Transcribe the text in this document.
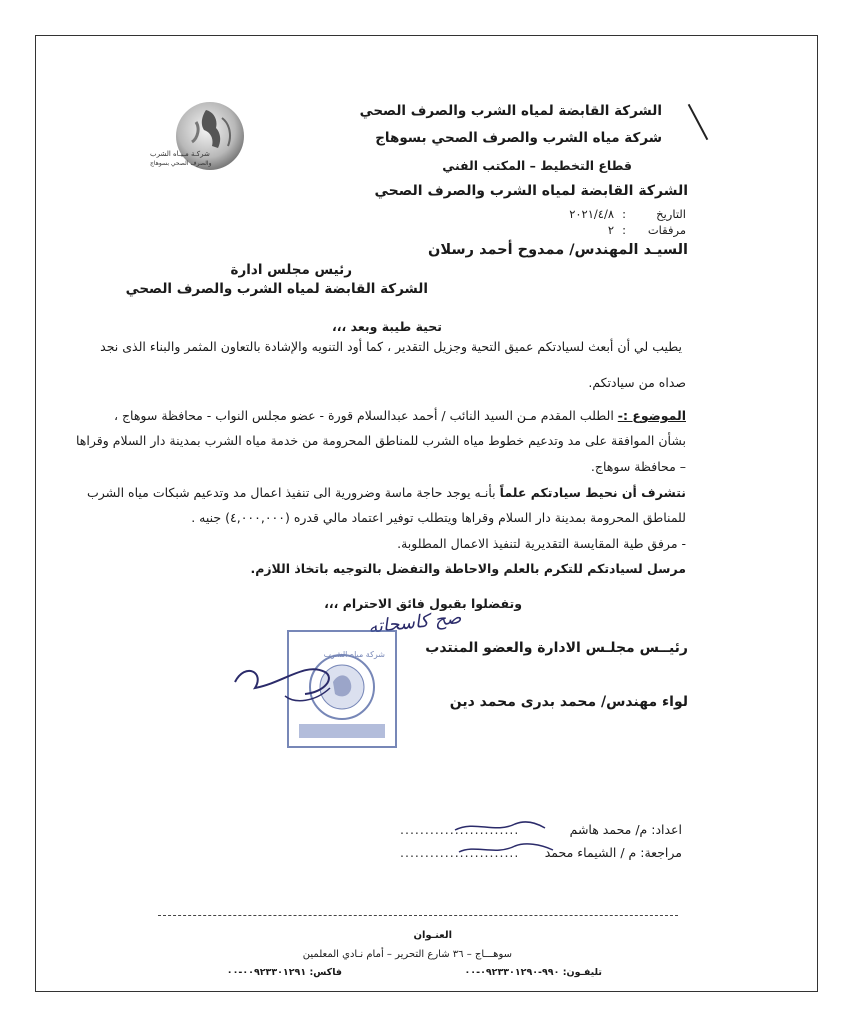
شركـة مـيـاه الشرب
والصرف الصحي بسوهاج
الشركة القابضة لمياه الشرب والصرف الصحي
شركة مياه الشرب والصرف الصحي بسوهاج
قطاع التخطيط – المكتب الفني
الشركة القابضة لمياه الشرب والصرف الصحي
التاريخ
:
٢٠٢١/٤/٨
مرفقات
:
٢
السيـد المهندس/ ممدوح أحمد رسلان
رئيس مجلس ادارة
الشركة القابضة لمياه الشرب والصرف الصحي
تحية طيبة وبعد ،،،
يطيب لي أن أبعث لسيادتكم عميق التحية وجزيل التقدير ، كما أود التنويه والإشادة بالتعاون المثمر والبناء الذى نجد
صداه من سيادتكم.
الموضوع :- الطلب المقدم مـن السيد النائب / أحمد عبدالسلام قورة - عضو مجلس النواب - محافظة سوهاج ،
بشأن الموافقة على مد وتدعيم خطوط مياه الشرب للمناطق المحرومة من خدمة مياه الشرب بمدينة دار السلام وقراها
– محافظة سوهاج.
نتشرف أن نحيط سيادتكم علماً بأنـه يوجد حاجة ماسة وضرورية الى تنفيذ اعمال مد وتدعيم شبكات مياه الشرب
للمناطق المحرومة بمدينة دار السلام وقراها ويتطلب توفير اعتماد مالي قدره (٤,٠٠٠,٠٠٠) جنيه .
- مرفق طية المقايسة التقديرية لتنفيذ الاعمال المطلوبة.
مرسل لسيادتكم للتكرم بالعلم والاحاطة والتفضل بالتوجيه باتخاذ اللازم.
وتفضلوا بقبول فائق الاحترام ،،،
صح كاسحاته
شركة مياه الشرب	رئيــس مجلـس الادارة والعضو المنتدب
لواء مهندس/ محمد بدرى محمد دين
اعداد: م/ محمد هاشم
........................
مراجعة: م / الشيماء محمد
........................
العنـوان
سوهـــاج – ٣٦ شارع التحرير – أمام نـادي المعلمين
تليفـون: ٩٩٠-٠٩٢٣٣٠١٢٩٠-٠٠
فاكس: ٠٠٩٢٣٣٠١٢٩١-٠٠
